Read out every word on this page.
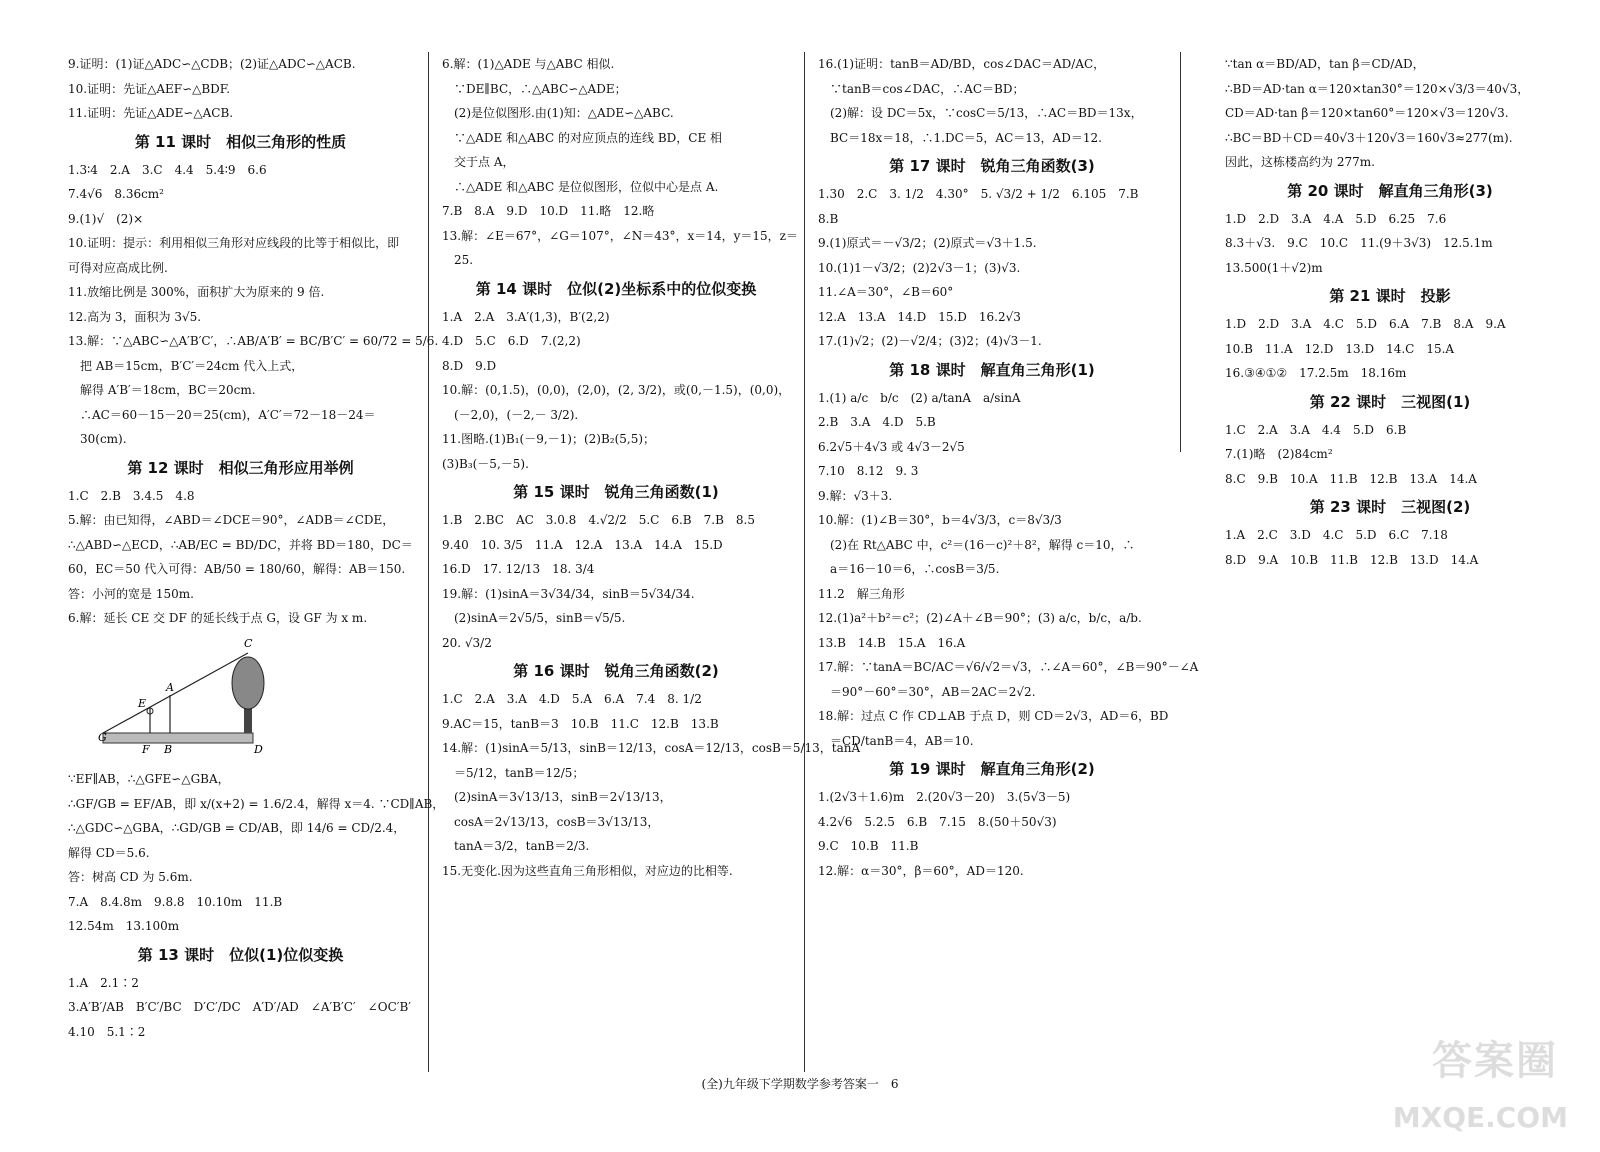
9.证明：(1)证△ADC∽△CDB；(2)证△ADC∽△ACB.
10.证明：先证△AEF∽△BDF.
11.证明：先证△ADE∽△ACB.
第 11 课时　相似三角形的性质
1.3∶4　2.A　3.C　4.4　5.4∶9　6.6
7.4√6　8.36cm²
9.(1)√　(2)×
10.证明：提示：利用相似三角形对应线段的比等于相似比，即
可得对应高成比例.
11.放缩比例是 300%，面积扩大为原来的 9 倍.
12.高为 3，面积为 3√5.
13.解：∵△ABC∽△A′B′C′，∴AB/A′B′ = BC/B′C′ = 60/72 = 5/6.
　把 AB＝15cm，B′C′＝24cm 代入上式，
　解得 A′B′＝18cm，BC＝20cm.
　∴AC＝60－15－20＝25(cm)，A′C′＝72－18－24＝
　30(cm).
第 12 课时　相似三角形应用举例
1.C　2.B　3.4.5　4.8
5.解：由已知得，∠ABD＝∠DCE＝90°，∠ADB＝∠CDE，
∴△ABD∽△ECD，∴AB/EC = BD/DC，并将 BD＝180，DC＝
60，EC＝50 代入可得：AB/50 = 180/60，解得：AB＝150.
答：小河的宽是 150m.
6.解：延长 CE 交 DF 的延长线于点 G，设 GF 为 x m.
C
A
E
G
F B	D
∵EF∥AB，∴△GFE∽△GBA，
∴GF/GB = EF/AB，即 x/(x+2) = 1.6/2.4，解得 x＝4. ∵CD∥AB，
∴△GDC∽△GBA，∴GD/GB = CD/AB，即 14/6 = CD/2.4，
解得 CD＝5.6.
答：树高 CD 为 5.6m.
7.A　8.4.8m　9.8.8　10.10m　11.B
12.54m　13.100m
第 13 课时　位似(1)位似变换
1.A　2.1∶2
3.A′B′/AB　B′C′/BC　D′C′/DC　A′D′/AD　∠A′B′C′　∠OC′B′
4.10　5.1∶2
6.解：(1)△ADE 与△ABC 相似.
　∵DE∥BC，∴△ABC∽△ADE；
　(2)是位似图形.由(1)知：△ADE∽△ABC.
　∵△ADE 和△ABC 的对应顶点的连线 BD，CE 相
　交于点 A，
　∴△ADE 和△ABC 是位似图形，位似中心是点 A.
7.B　8.A　9.D　10.D　11.略　12.略
13.解：∠E＝67°，∠G＝107°，∠N＝43°，x＝14，y＝15，z＝
　25.
第 14 课时　位似(2)坐标系中的位似变换
1.A　2.A　3.A′(1,3)，B′(2,2)
4.D　5.C　6.D　7.(2,2)
8.D　9.D
10.解：(0,1.5)，(0,0)，(2,0)，(2, 3/2)，或(0,－1.5)，(0,0)，
　(－2,0)，(－2,－ 3/2).
11.图略.(1)B₁(－9,－1)；(2)B₂(5,5)；
(3)B₃(－5,－5).
第 15 课时　锐角三角函数(1)
1.B　2.BC　AC　3.0.8　4.√2/2　5.C　6.B　7.B　8.5
9.40　10. 3/5　11.A　12.A　13.A　14.A　15.D
16.D　17. 12/13　18. 3/4
19.解：(1)sinA＝3√34/34，sinB＝5√34/34.
　(2)sinA＝2√5/5，sinB＝√5/5.
20. √3/2
第 16 课时　锐角三角函数(2)
1.C　2.A　3.A　4.D　5.A　6.A　7.4　8. 1/2
9.AC＝15，tanB＝3　10.B　11.C　12.B　13.B
14.解：(1)sinA＝5/13，sinB＝12/13，cosA＝12/13，cosB＝5/13，tanA
　＝5/12，tanB＝12/5；
　(2)sinA＝3√13/13，sinB＝2√13/13，
　cosA＝2√13/13，cosB＝3√13/13，
　tanA＝3/2，tanB＝2/3.
15.无变化.因为这些直角三角形相似，对应边的比相等.
16.(1)证明：tanB＝AD/BD，cos∠DAC＝AD/AC，
　∵tanB＝cos∠DAC，∴AC＝BD；
　(2)解：设 DC＝5x，∵cosC＝5/13，∴AC＝BD＝13x，
　BC＝18x＝18，∴1.DC＝5，AC＝13，AD＝12.
第 17 课时　锐角三角函数(3)
1.30　2.C　3. 1/2　4.30°　5. √3/2 + 1/2　6.105　7.B
8.B
9.(1)原式＝－√3/2；(2)原式＝√3＋1.5.
10.(1)1－√3/2；(2)2√3－1；(3)√3.
11.∠A＝30°，∠B＝60°
12.A　13.A　14.D　15.D　16.2√3
17.(1)√2；(2)－√2/4；(3)2；(4)√3－1.
第 18 课时　解直角三角形(1)
1.(1) a/c　b/c　(2) a/tanA　a/sinA
2.B　3.A　4.D　5.B
6.2√5＋4√3 或 4√3－2√5
7.10　8.12　9. 3
9.解：√3＋3.
10.解：(1)∠B＝30°，b＝4√3/3，c＝8√3/3
　(2)在 Rt△ABC 中，c²＝(16－c)²＋8²，解得 c＝10，∴
　a＝16－10＝6，∴cosB＝3/5.
11.2　解三角形
12.(1)a²＋b²＝c²；(2)∠A＋∠B＝90°；(3) a/c，b/c，a/b.
13.B　14.B　15.A　16.A
17.解：∵tanA＝BC/AC＝√6/√2＝√3，∴∠A＝60°，∠B＝90°－∠A
　＝90°－60°＝30°，AB＝2AC＝2√2.
18.解：过点 C 作 CD⊥AB 于点 D，则 CD＝2√3，AD＝6，BD
　＝CD/tanB＝4，AB＝10.
第 19 课时　解直角三角形(2)
1.(2√3＋1.6)m　2.(20√3－20)　3.(5√3－5)
4.2√6　5.2.5　6.B　7.15　8.(50＋50√3)
9.C　10.B　11.B
12.解：α＝30°，β＝60°，AD＝120.
∵tan α＝BD/AD，tan β＝CD/AD，
∴BD＝AD·tan α＝120×tan30°＝120×√3/3＝40√3，
CD＝AD·tan β＝120×tan60°＝120×√3＝120√3.
∴BC＝BD＋CD＝40√3＋120√3＝160√3≈277(m).
因此，这栋楼高约为 277m.
第 20 课时　解直角三角形(3)
1.D　2.D　3.A　4.A　5.D　6.25　7.6
8.3＋√3.　9.C　10.C　11.(9＋3√3)　12.5.1m
13.500(1＋√2)m
第 21 课时　投影
1.D　2.D　3.A　4.C　5.D　6.A　7.B　8.A　9.A
10.B　11.A　12.D　13.D　14.C　15.A
16.③④①②　17.2.5m　18.16m
第 22 课时　三视图(1)
1.C　2.A　3.A　4.4　5.D　6.B
7.(1)略　(2)84cm²
8.C　9.B　10.A　11.B　12.B　13.A　14.A
第 23 课时　三视图(2)
1.A　2.C　3.D　4.C　5.D　6.C　7.18
8.D　9.A　10.B　11.B　12.B　13.D　14.A
(全)九年级下学期数学参考答案一　6	答案圈
MXQE.COM
